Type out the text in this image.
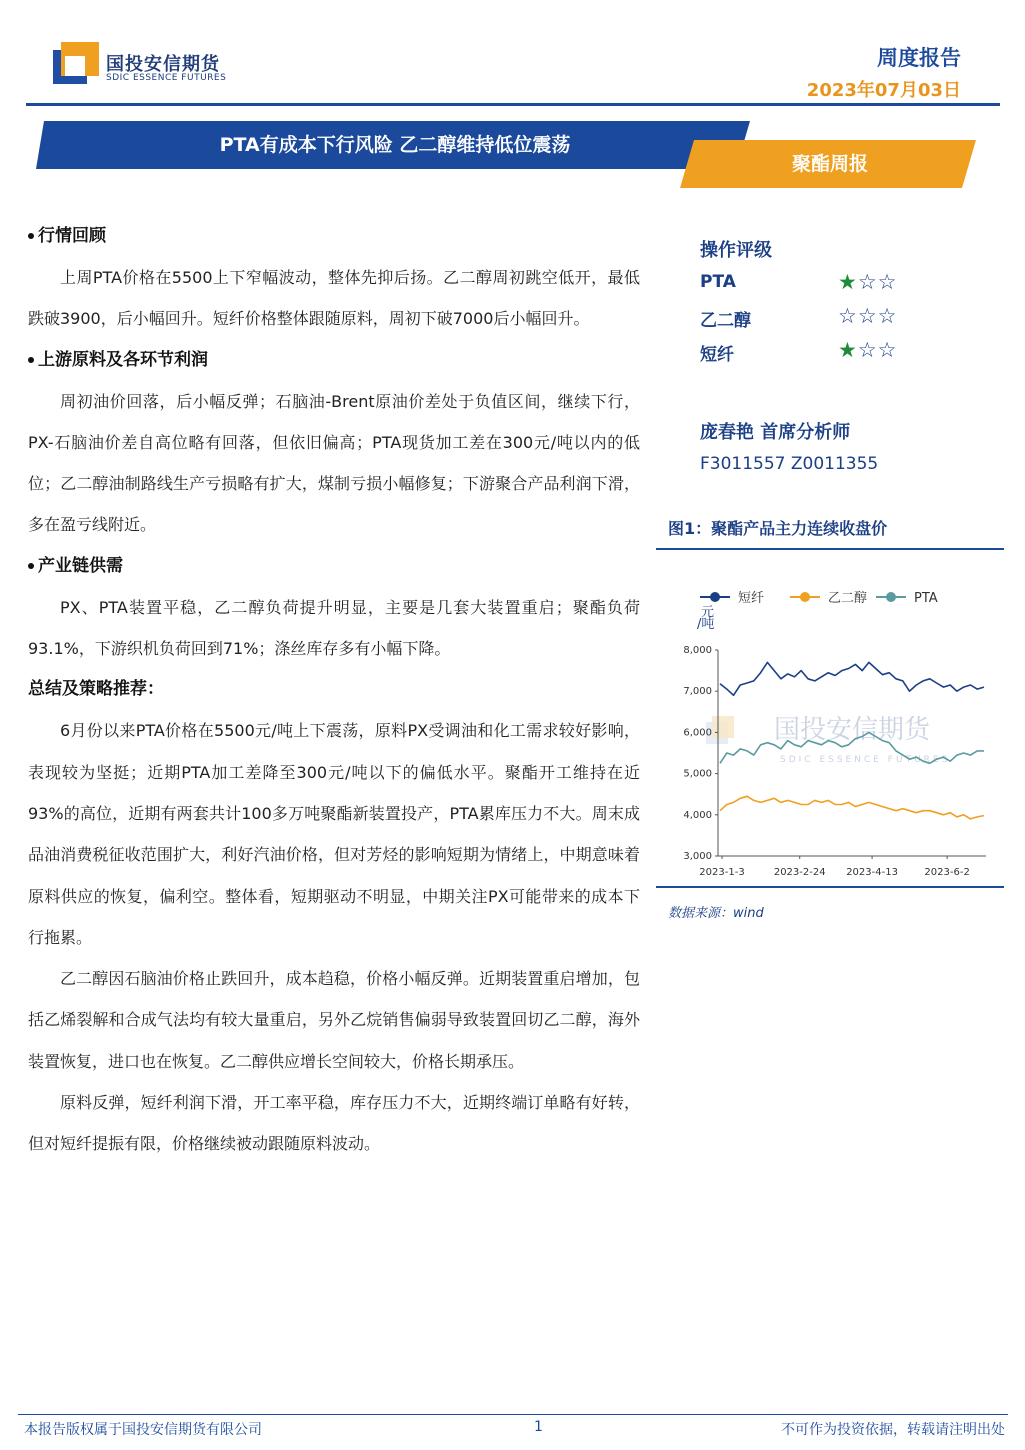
国投安信期货
SDIC ESSENCE FUTURES
周度报告
2023年07月03日
PTA有成本下行风险 乙二醇维持低位震荡
聚酯周报

行情回顾

上周PTA价格在5500上下窄幅波动，整体先抑后扬。乙二醇周初跳空低开，最低跌破3900，后小幅回升。短纤价格整体跟随原料，周初下破7000后小幅回升。

上游原料及各环节利润

周初油价回落，后小幅反弹；石脑油-Brent原油价差处于负值区间，继续下行，PX-石脑油价差自高位略有回落，但依旧偏高；PTA现货加工差在300元/吨以内的低位；乙二醇油制路线生产亏损略有扩大，煤制亏损小幅修复；下游聚合产品利润下滑，多在盈亏线附近。

产业链供需

PX、PTA装置平稳，乙二醇负荷提升明显，主要是几套大装置重启；聚酯负荷93.1%，下游织机负荷回到71%；涤丝库存多有小幅下降。

总结及策略推荐：

6月份以来PTA价格在5500元/吨上下震荡，原料PX受调油和化工需求较好影响，表现较为坚挺；近期PTA加工差降至300元/吨以下的偏低水平。聚酯开工维持在近93%的高位，近期有两套共计100多万吨聚酯新装置投产，PTA累库压力不大。周末成品油消费税征收范围扩大，利好汽油价格，但对芳烃的影响短期为情绪上，中期意味着原料供应的恢复，偏利空。整体看，短期驱动不明显，中期关注PX可能带来的成本下行拖累。

乙二醇因石脑油价格止跌回升，成本趋稳，价格小幅反弹。近期装置重启增加，包括乙烯裂解和合成气法均有较大量重启，另外乙烷销售偏弱导致装置回切乙二醇，海外装置恢复，进口也在恢复。乙二醇供应增长空间较大，价格长期承压。

原料反弹，短纤利润下滑，开工率平稳，库存压力不大，近期终端订单略有好转，但对短纤提振有限，价格继续被动跟随原料波动。

操作评级
PTA	★☆☆
乙二醇	☆☆☆
短纤	★☆☆
庞春艳 首席分析师
F3011557 Z0011355
图1：聚酯产品主力连续收盘价
国投安信期货
SDIC ESSENCE FUTURES
3,000
4,000
5,000
6,000
7,000
8,000
元
/吨
2023-1-3	2023-2-24 2023-4-13	2023-6-2
短纤	乙二醇	PTA
数据来源：wind
本报告版权属于国投安信期货有限公司	1	不可作为投资依据，转载请注明出处
